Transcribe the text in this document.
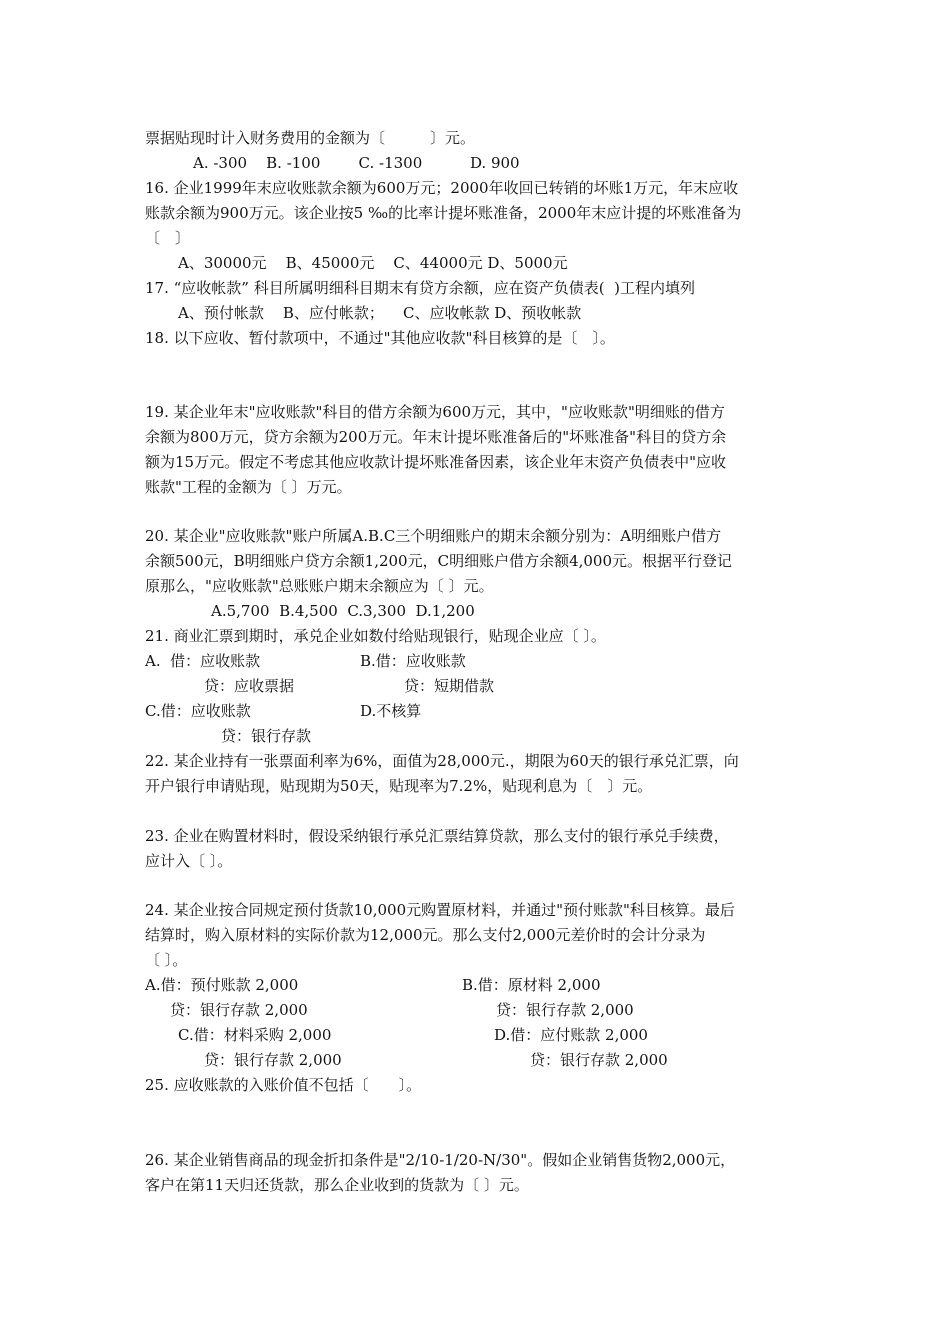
票据贴现时计入财务费用的金额为〔　　　〕元。
A. -300    B. -100        C. -1300          D. 900
16. 企业1999年末应收账款余额为600万元；2000年收回已转销的坏账1万元，年末应收
账款余额为900万元。该企业按5 ‰的比率计提坏账准备，2000年末应计提的坏账准备为
〔　〕
A、30000元    B、45000元    C、44000元 D、5000元
17. “应收帐款” 科目所属明细科目期末有贷方余额，应在资产负债表(  )工程内填列
A、预付帐款    B、应付帐款；    C、应收帐款 D、预收帐款
18. 以下应收、暂付款项中，不通过"其他应收款"科目核算的是〔　〕。
19. 某企业年末"应收账款"科目的借方余额为600万元，其中，"应收账款"明细账的借方
余额为800万元，贷方余额为200万元。年末计提坏账准备后的"坏账准备"科目的贷方余
额为15万元。假定不考虑其他应收款计提坏账准备因素，该企业年末资产负债表中"应收
账款"工程的金额为〔 〕万元。
20. 某企业"应收账款"账户所属A.B.C三个明细账户的期末余额分别为：A明细账户借方
余额500元，B明细账户贷方余额1,200元，C明细账户借方余额4,000元。根据平行登记
原那么，"应收账款"总账账户期末余额应为〔 〕元。
A.5,700  B.4,500  C.3,300  D.1,200
21. 商业汇票到期时，承兑企业如数付给贴现银行，贴现企业应〔 〕。
A.  借：应收账款	B.借：应收账款
贷：应收票据	贷：短期借款
C.借：应收账款	D.不核算
贷：银行存款
22. 某企业持有一张票面利率为6%，面值为28,000元.，期限为60天的银行承兑汇票，向
开户银行申请贴现，贴现期为50天，贴现率为7.2%，贴现利息为〔　〕元。
23. 企业在购置材料时，假设采纳银行承兑汇票结算贷款，那么支付的银行承兑手续费，
应计入〔 〕。
24. 某企业按合同规定预付货款10,000元购置原材料，并通过"预付账款"科目核算。最后
结算时，购入原材料的实际价款为12,000元。那么支付2,000元差价时的会计分录为
〔 〕。
A.借：预付账款 2,000	B.借：原材料 2,000
贷：银行存款 2,000	贷：银行存款 2,000
C.借：材料采购 2,000	D.借：应付账款 2,000
贷：银行存款 2,000	贷：银行存款 2,000
25. 应收账款的入账价值不包括〔　　〕。
26. 某企业销售商品的现金折扣条件是"2/10-1/20-N/30"。假如企业销售货物2,000元，
客户在第11天归还货款，那么企业收到的货款为〔 〕元。
